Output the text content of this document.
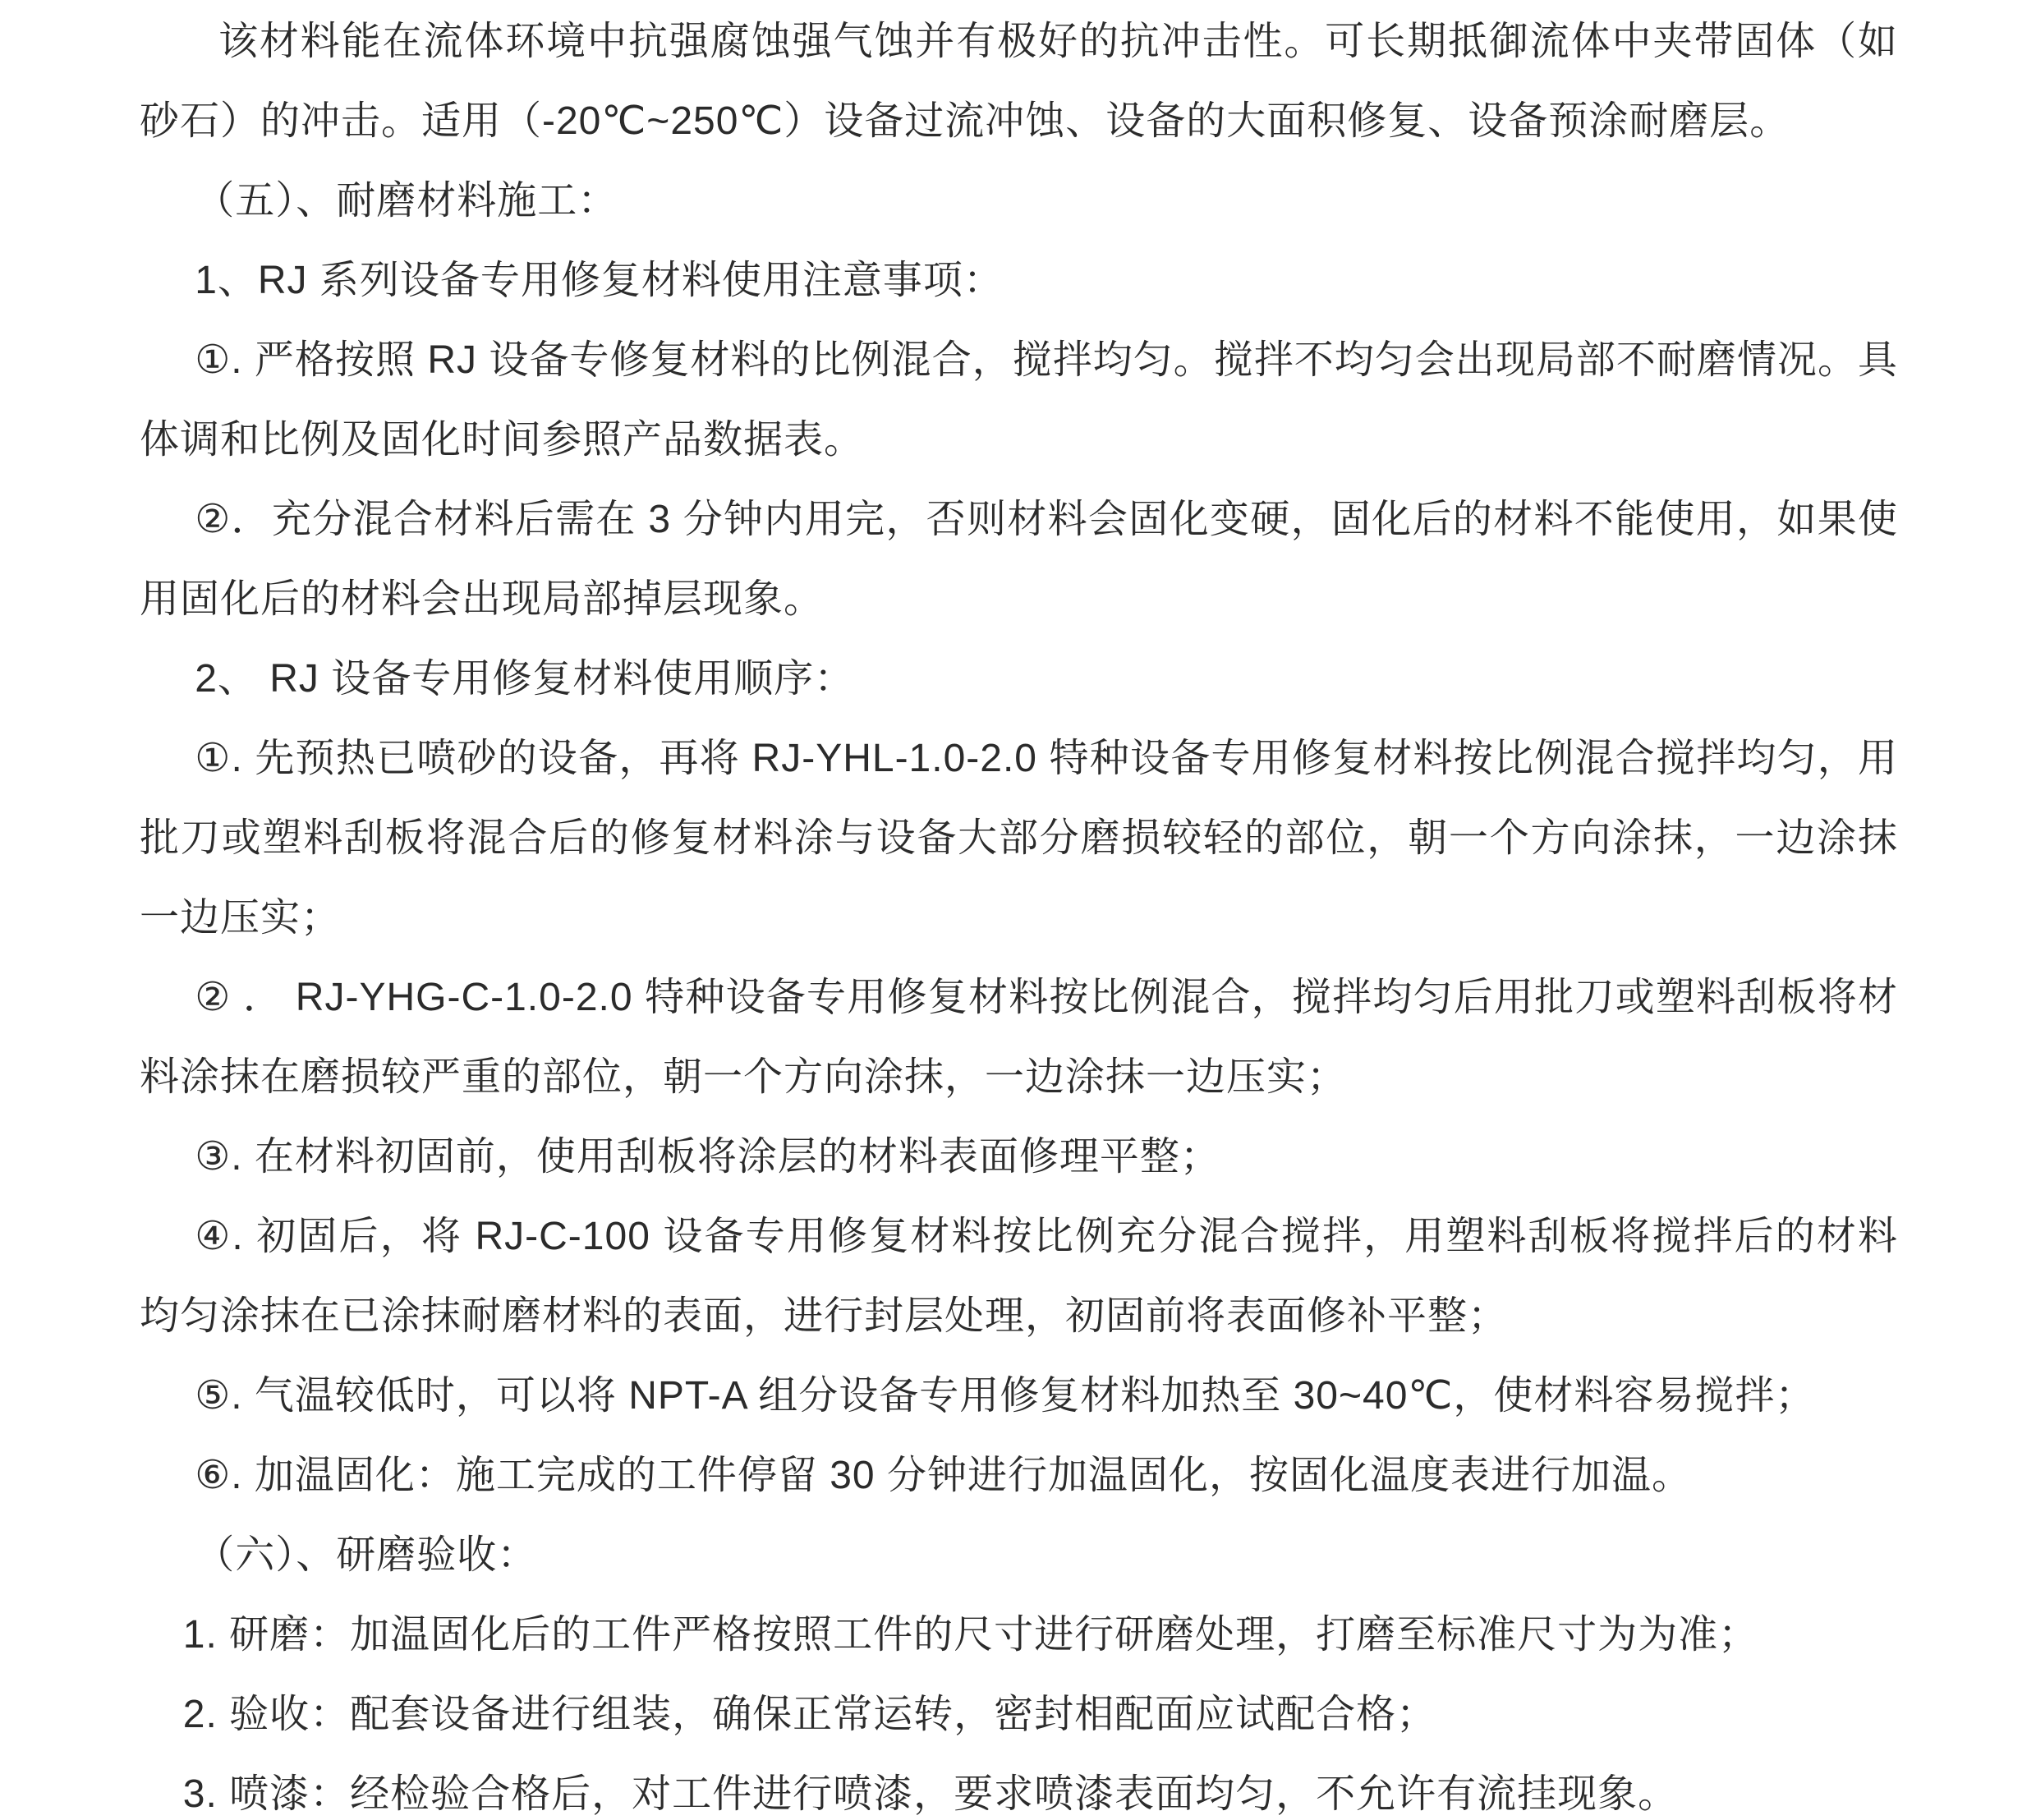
该材料能在流体环境中抗强腐蚀强气蚀并有极好的抗冲击性。可长期抵御流体中夹带固体（如砂石）的冲击。适用（-20℃~250℃）设备过流冲蚀、设备的大面积修复、设备预涂耐磨层。

（五）、耐磨材料施工：

1、RJ 系列设备专用修复材料使用注意事项：

①. 严格按照 RJ 设备专修复材料的比例混合，搅拌均匀。搅拌不均匀会出现局部不耐磨情况。具体调和比例及固化时间参照产品数据表。

②．充分混合材料后需在 3 分钟内用完，否则材料会固化变硬，固化后的材料不能使用，如果使用固化后的材料会出现局部掉层现象。

2、 RJ 设备专用修复材料使用顺序：

①. 先预热已喷砂的设备，再将 RJ-YHL-1.0-2.0 特种设备专用修复材料按比例混合搅拌均匀，用批刀或塑料刮板将混合后的修复材料涂与设备大部分磨损较轻的部位，朝一个方向涂抹，一边涂抹一边压实；

② ． RJ-YHG-C-1.0-2.0 特种设备专用修复材料按比例混合，搅拌均匀后用批刀或塑料刮板将材料涂抹在磨损较严重的部位，朝一个方向涂抹，一边涂抹一边压实；

③. 在材料初固前，使用刮板将涂层的材料表面修理平整；

④. 初固后，将 RJ-C-100 设备专用修复材料按比例充分混合搅拌，用塑料刮板将搅拌后的材料均匀涂抹在已涂抹耐磨材料的表面，进行封层处理，初固前将表面修补平整；

⑤. 气温较低时，可以将 NPT-A 组分设备专用修复材料加热至 30~40℃，使材料容易搅拌；

⑥. 加温固化：施工完成的工件停留 30 分钟进行加温固化，按固化温度表进行加温。

（六）、研磨验收：

1. 研磨：加温固化后的工件严格按照工件的尺寸进行研磨处理，打磨至标准尺寸为为准；

2. 验收：配套设备进行组装，确保正常运转，密封相配面应试配合格；

3. 喷漆：经检验合格后，对工件进行喷漆，要求喷漆表面均匀，不允许有流挂现象。
